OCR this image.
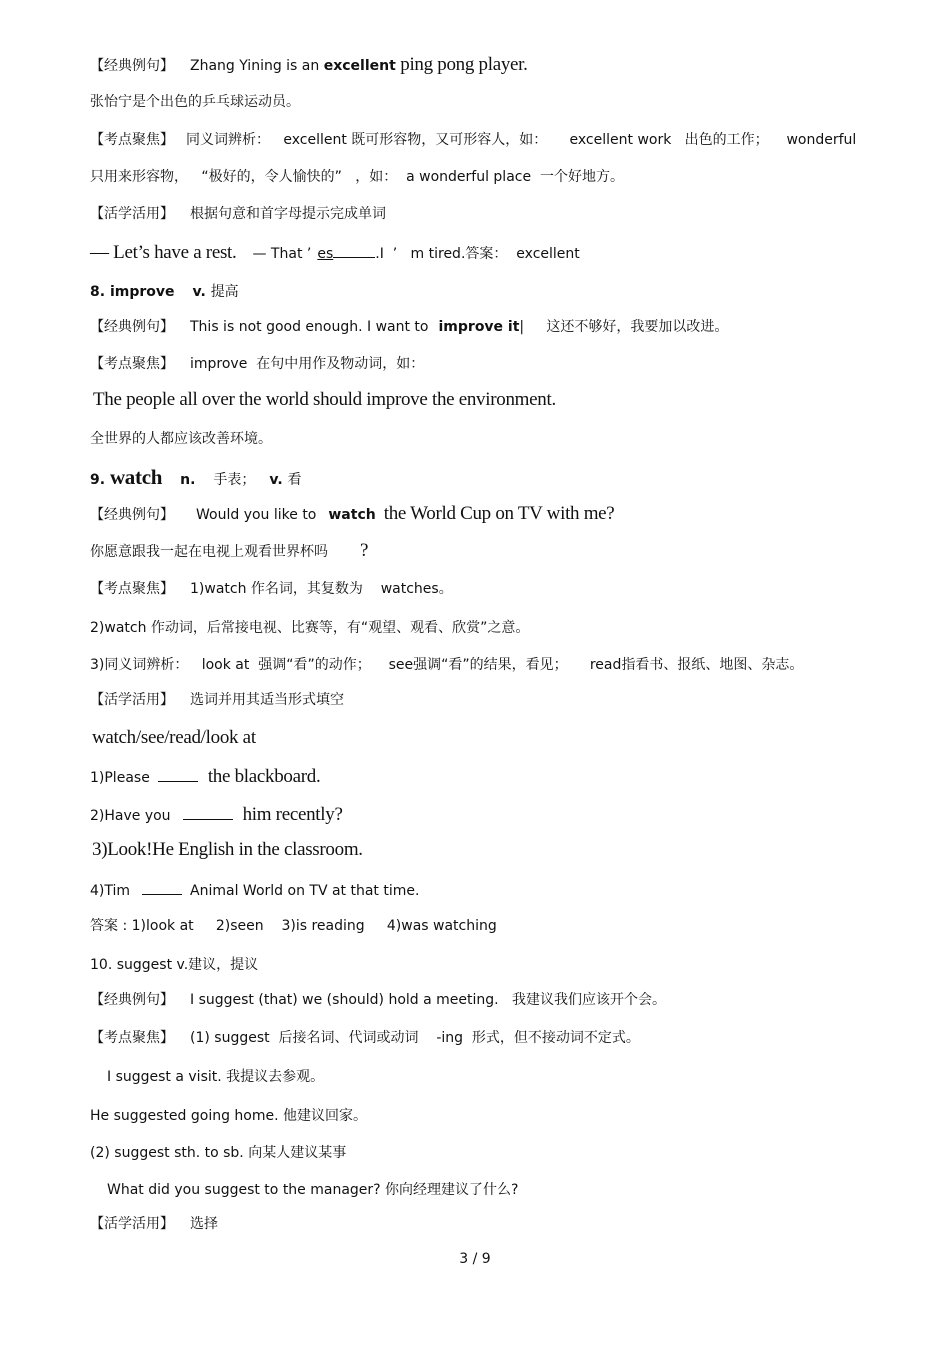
【经典例句】 Zhang Yining is an excellent ping pong player.
张怡宁是个出色的乒乓球运动员。
【考点聚焦】 同义词辨析：   excellent 既可形容物，又可形容人，如：     excellent work   出色的工作；    wonderful
只用来形容物，   “极好的，令人愉快的”   ，如：  a wonderful place  一个好地方。
【活学活用】 根据句意和首字母提示完成单词
— Let’s have a rest. — That ’ es	.I  ’   m tired.答案：  excellent
8. improve v. 提高
【经典例句】 This is not good enough. I want to improve it|     这还不够好，我要加以改进。
【考点聚焦】 improve  在句中用作及物动词，如：
The people all over the world should improve the environment.
全世界的人都应该改善环境。
9. watch n. 手表； v. 看
【经典例句】 Would you like to watch the World Cup on TV with me?
你愿意跟我一起在电视上观看世界杯吗 ?
【考点聚焦】 1)watch 作名词，其复数为    watches。
2)watch 作动词，后常接电视、比赛等，有“观望、观看、欣赏”之意。
3)同义词辨析：   look at  强调“看”的动作；    see强调“看”的结果，看见；     read指看书、报纸、地图、杂志。
【活学活用】 选词并用其适当形式填空
watch/see/read/look at
1)Please	the blackboard.
2)Have you	him recently?
3)Look!He English in the classroom.
4)Tim	Animal World on TV at that time.
答案 : 1)look at     2)seen    3)is reading     4)was watching
10. suggest v.建议，提议
【经典例句】 I suggest (that) we (should) hold a meeting.   我建议我们应该开个会。
【考点聚焦】 (1) suggest  后接名词、代词或动词    -ing  形式，但不接动词不定式。
I suggest a visit. 我提议去参观。
He suggested going home. 他建议回家。
(2) suggest sth. to sb. 向某人建议某事
What did you suggest to the manager? 你向经理建议了什么?
【活学活用】 选择
3 / 9
